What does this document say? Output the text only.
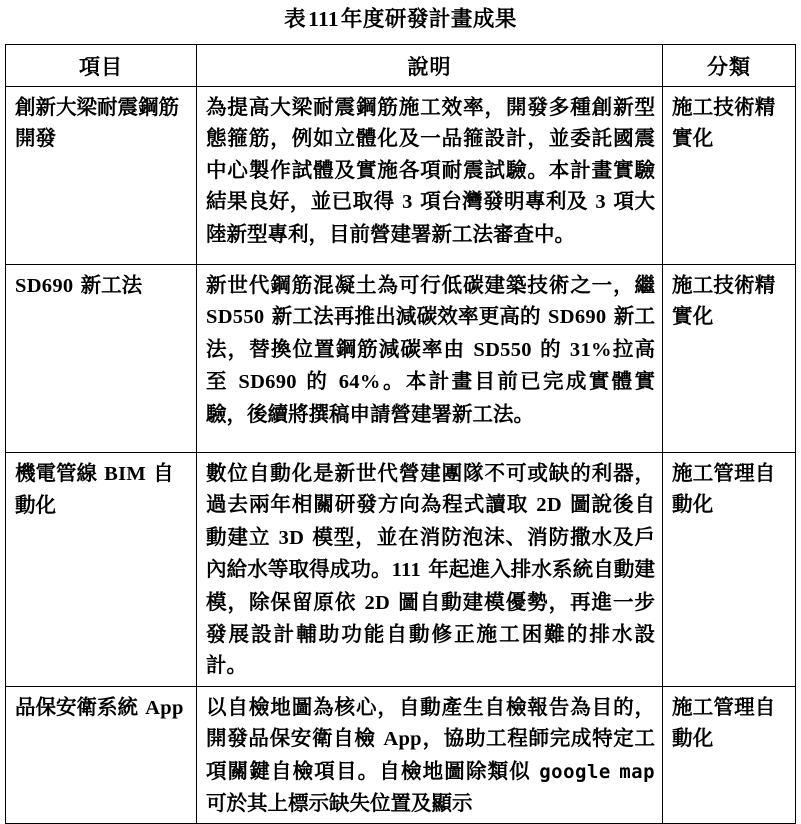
表111年度研發計畫成果
項目	說明	分類

創新大梁耐震鋼筋開發	為提高大梁耐震鋼筋施工效率，開發多種創新型態箍筋，例如立體化及一品箍設計，並委託國震中心製作試體及實施各項耐震試驗。本計畫實驗結果良好，並已取得 3 項台灣發明專利及 3 項大陸新型專利，目前營建署新工法審查中。	施工技術精實化

SD690 新工法	新世代鋼筋混凝土為可行低碳建築技術之一，繼 SD550 新工法再推出減碳效率更高的 SD690 新工法，替換位置鋼筋減碳率由 SD550 的 31%拉高至 SD690 的 64%。本計畫目前已完成實體實驗，後續將撰稿申請營建署新工法。	施工技術精實化

機電管線 BIM 自動化	數位自動化是新世代營建團隊不可或缺的利器，過去兩年相關研發方向為程式讀取 2D 圖說後自動建立 3D 模型，並在消防泡沫、消防撒水及戶內給水等取得成功。111 年起進入排水系統自動建模，除保留原依 2D 圖自動建模優勢，再進一步發展設計輔助功能自動修正施工困難的排水設計。	施工管理自動化

品保安衛系統 App	以自檢地圖為核心，自動產生自檢報告為目的，開發品保安衛自檢 App，協助工程師完成特定工項關鍵自檢項目。自檢地圖除類似 google map 可於其上標示缺失位置及顯示	施工管理自動化
